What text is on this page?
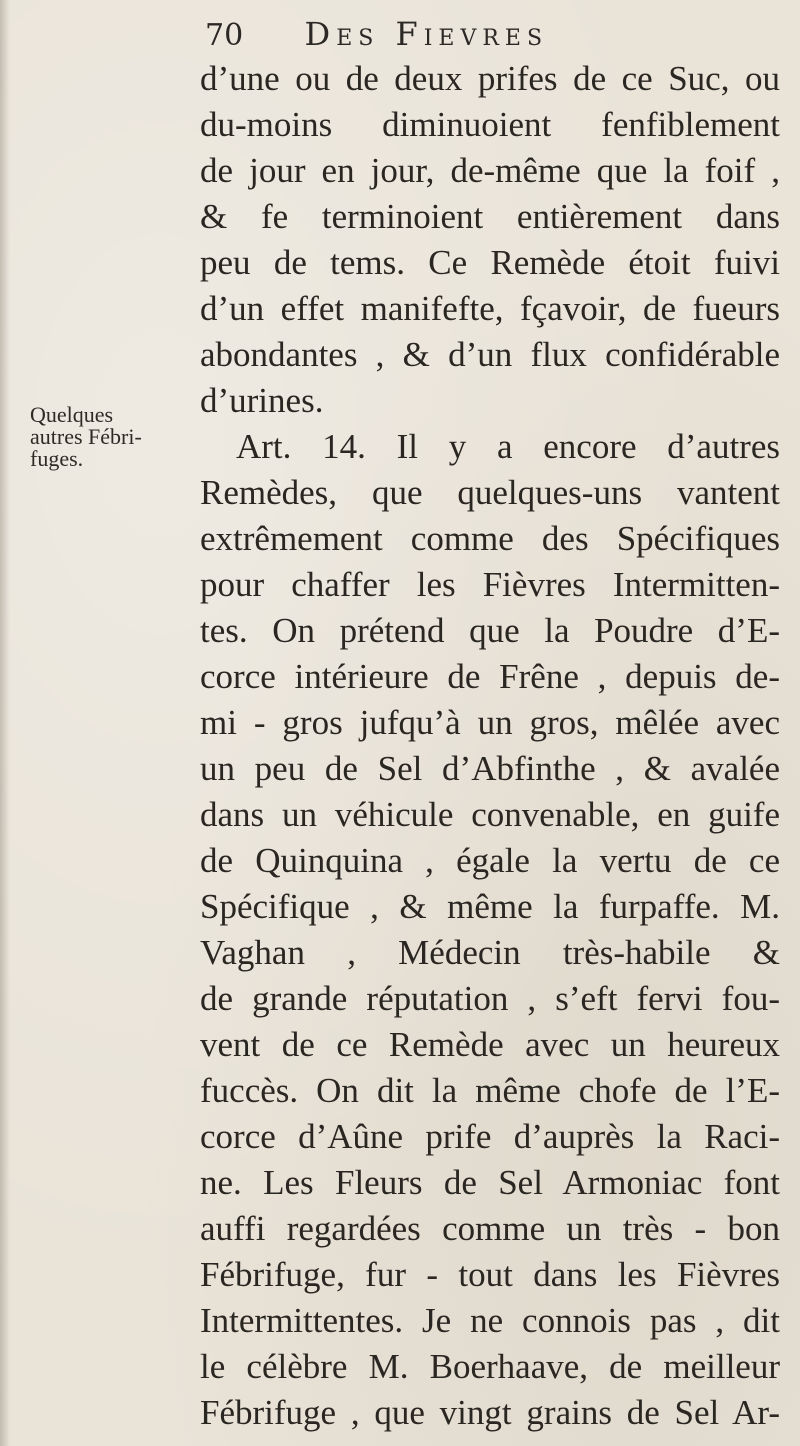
70 Des Fievres
Quelques
autres Fébri-
fuges.
d’une ou de deux prifes de ce Suc, ou
du-moins diminuoient fenfiblement
de jour en jour, de-même que la foif ,
& fe terminoient entièrement dans
peu de tems. Ce Remède étoit fuivi
d’un effet manifefte, fçavoir, de fueurs
abondantes , & d’un flux confidérable
d’urines.
Art. 14. Il y a encore d’autres
Remèdes, que quelques-uns vantent
extrêmement comme des Spécifiques
pour chaffer les Fièvres Intermitten-
tes. On prétend que la Poudre d’E-
corce intérieure de Frêne , depuis de-
mi - gros jufqu’à un gros, mêlée avec
un peu de Sel d’Abfinthe , & avalée
dans un véhicule convenable, en guife
de Quinquina , égale la vertu de ce
Spécifique , & même la furpaffe. M.
Vaghan , Médecin très-habile &
de grande réputation , s’eft fervi fou-
vent de ce Remède avec un heureux
fuccès. On dit la même chofe de l’E-
corce d’Aûne prife d’auprès la Raci-
ne. Les Fleurs de Sel Armoniac font
auffi regardées comme un très - bon
Fébrifuge, fur - tout dans les Fièvres
Intermittentes. Je ne connois pas , dit
le célèbre M. Boerhaave, de meilleur
Fébrifuge , que vingt grains de Sel Ar-
